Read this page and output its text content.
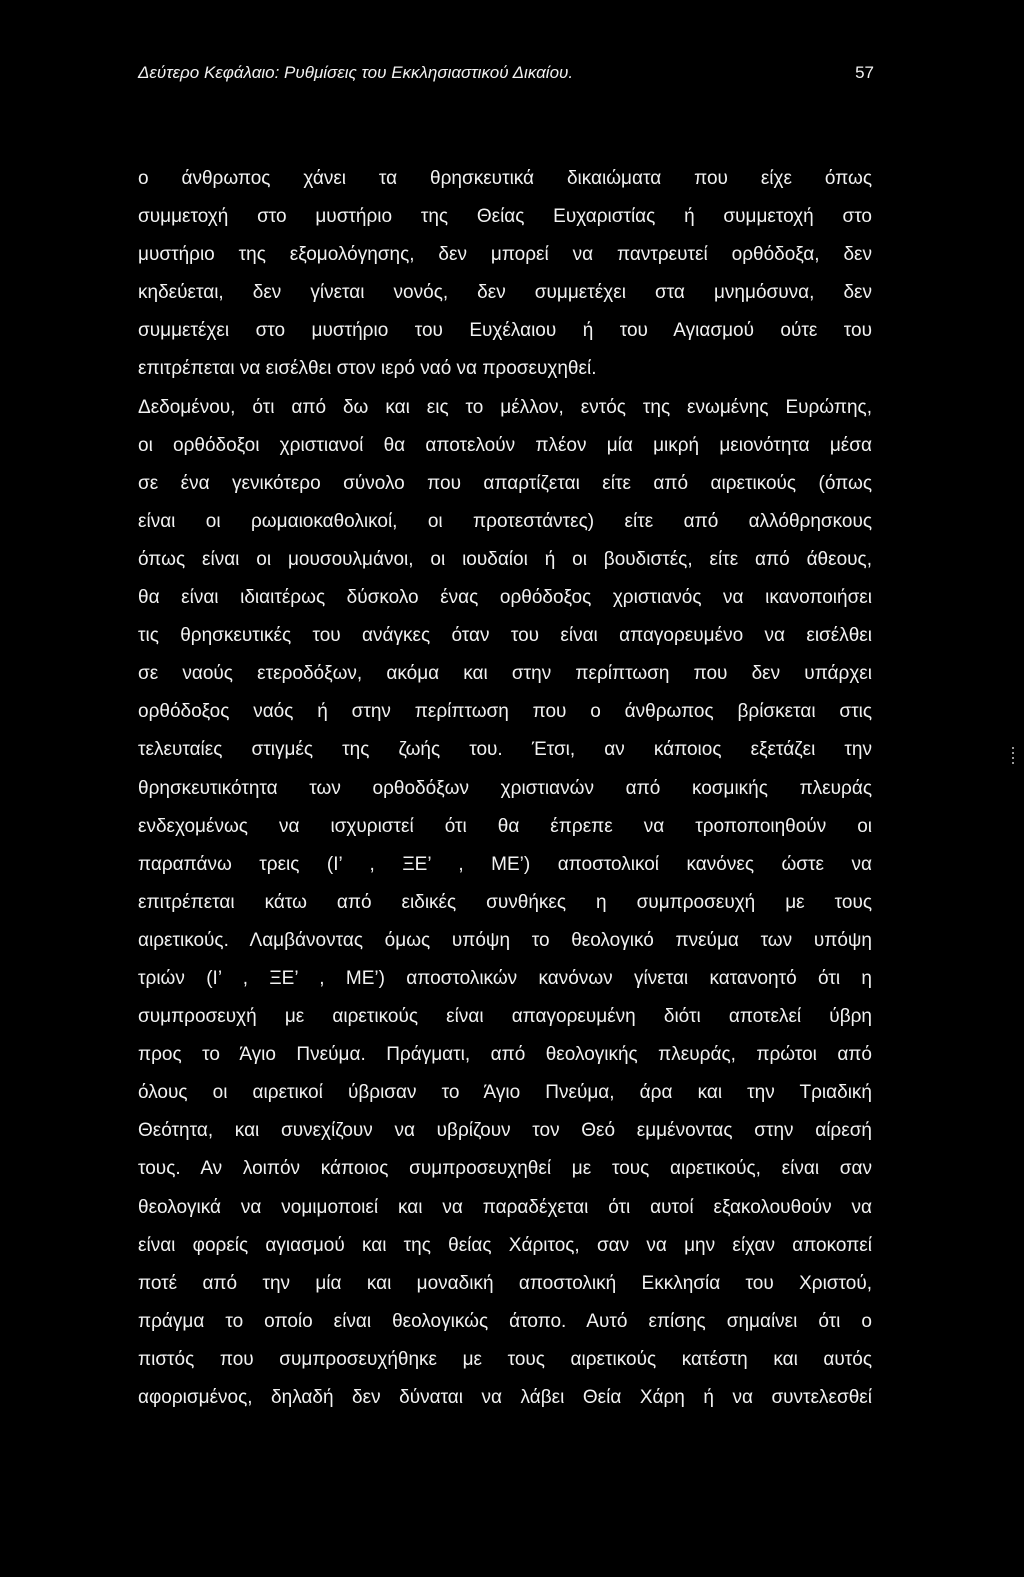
Δεύτερο Κεφάλαιο: Ρυθμίσεις του Εκκλησιαστικού Δικαίου.	57
ο άνθρωπος χάνει τα θρησκευτικά δικαιώματα που είχε όπως
συμμετοχή στο μυστήριο της Θείας Ευχαριστίας ή συμμετοχή στο
μυστήριο της εξομολόγησης, δεν μπορεί να παντρευτεί ορθόδοξα, δεν
κηδεύεται, δεν γίνεται νονός, δεν συμμετέχει στα μνημόσυνα, δεν
συμμετέχει στο μυστήριο του Ευχέλαιου ή του Αγιασμού ούτε του
επιτρέπεται να εισέλθει στον ιερό ναό να προσευχηθεί.
Δεδομένου, ότι από δω και εις το μέλλον, εντός της ενωμένης Ευρώπης,
οι ορθόδοξοι χριστιανοί θα αποτελούν πλέον μία μικρή μειονότητα μέσα
σε ένα γενικότερο σύνολο που απαρτίζεται είτε από αιρετικούς (όπως
είναι οι ρωμαιοκαθολικοί, οι προτεστάντες) είτε από αλλόθρησκους
όπως είναι οι μουσουλμάνοι, οι ιουδαίοι ή οι βουδιστές, είτε από άθεους,
θα είναι ιδιαιτέρως δύσκολο ένας ορθόδοξος χριστιανός να ικανοποιήσει
τις θρησκευτικές του ανάγκες όταν του είναι απαγορευμένο να εισέλθει
σε ναούς ετεροδόξων, ακόμα και στην περίπτωση που δεν υπάρχει
ορθόδοξος ναός ή στην περίπτωση που ο άνθρωπος βρίσκεται στις
τελευταίες στιγμές της ζωής του. Έτσι, αν κάποιος εξετάζει την
θρησκευτικότητα των ορθοδόξων χριστιανών από κοσμικής πλευράς
ενδεχομένως να ισχυριστεί ότι θα έπρεπε να τροποποιηθούν οι
παραπάνω τρεις (Ι’ , ΞΕ’ , ΜΕ’) αποστολικοί κανόνες ώστε να
επιτρέπεται κάτω από ειδικές συνθήκες η συμπροσευχή με τους
αιρετικούς. Λαμβάνοντας όμως υπόψη το θεολογικό πνεύμα των υπόψη
τριών (Ι’ , ΞΕ’ , ΜΕ’) αποστολικών κανόνων γίνεται κατανοητό ότι η
συμπροσευχή με αιρετικούς είναι απαγορευμένη διότι αποτελεί ύβρη
προς το Άγιο Πνεύμα. Πράγματι, από θεολογικής πλευράς, πρώτοι από
όλους οι αιρετικοί ύβρισαν το Άγιο Πνεύμα, άρα και την Τριαδική
Θεότητα, και συνεχίζουν να υβρίζουν τον Θεό εμμένοντας στην αίρεσή
τους. Αν λοιπόν κάποιος συμπροσευχηθεί με τους αιρετικούς, είναι σαν
θεολογικά να νομιμοποιεί και να παραδέχεται ότι αυτοί εξακολουθούν να
είναι φορείς αγιασμού και της θείας Χάριτος, σαν να μην είχαν αποκοπεί
ποτέ από την μία και μοναδική αποστολική Εκκλησία του Χριστού,
πράγμα το οποίο είναι θεολογικώς άτοπο. Αυτό επίσης σημαίνει ότι ο
πιστός που συμπροσευχήθηκε με τους αιρετικούς κατέστη και αυτός
αφορισμένος, δηλαδή δεν δύναται να λάβει Θεία Χάρη ή να συντελεσθεί
